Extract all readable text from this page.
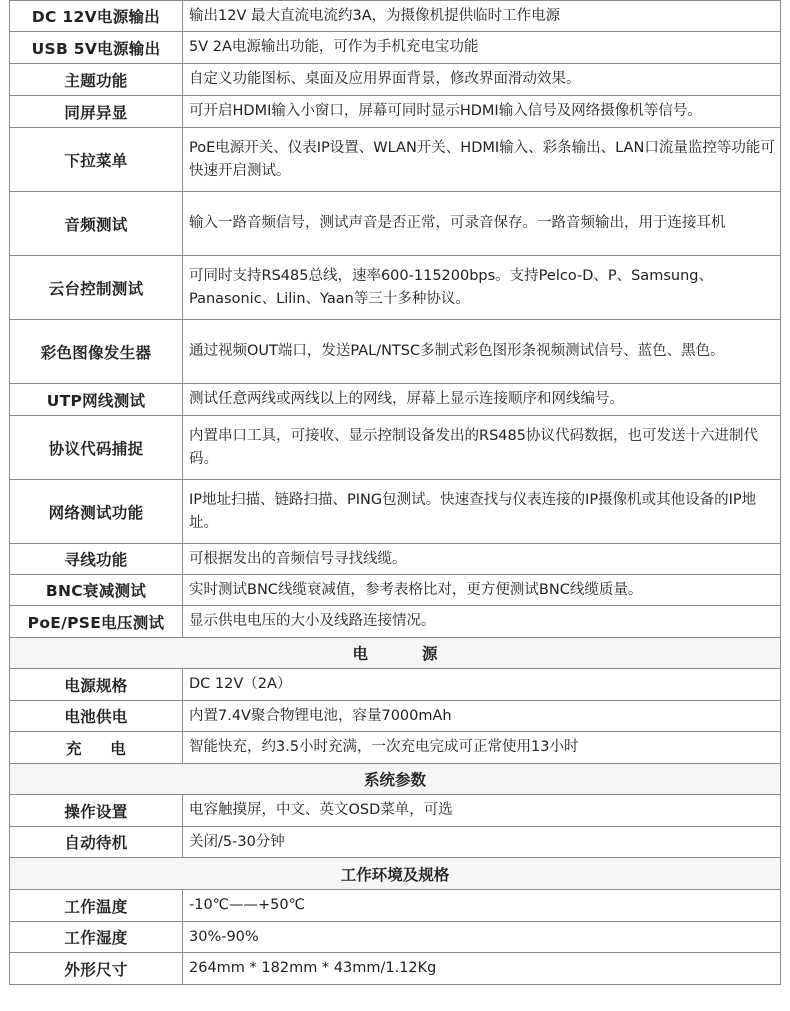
DC 12V电源输出	输出12V 最大直流电流约3A，为摄像机提供临时工作电源
USB 5V电源输出	5V 2A电源输出功能，可作为手机充电宝功能
主题功能	自定义功能图标、桌面及应用界面背景，修改界面滑动效果。
同屏异显	可开启HDMI输入小窗口，屏幕可同时显示HDMI输入信号及网络摄像机等信号。
下拉菜单	PoE电源开关、仪表IP设置、WLAN开关、HDMI输入、彩条输出、LAN口流量监控等功能可快速开启测试。
音频测试	输入一路音频信号，测试声音是否正常，可录音保存。一路音频输出，用于连接耳机
云台控制测试	可同时支持RS485总线，速率600-115200bps。支持Pelco-D、P、Samsung、Panasonic、Lilin、Yaan等三十多种协议。
彩色图像发生器	通过视频OUT端口，发送PAL/NTSC多制式彩色图形条视频测试信号、蓝色、黑色。
UTP网线测试	测试任意两线或两线以上的网线，屏幕上显示连接顺序和网线编号。
协议代码捕捉	内置串口工具，可接收、显示控制设备发出的RS485协议代码数据，也可发送十六进制代码。
网络测试功能	IP地址扫描、链路扫描、PING包测试。快速查找与仪表连接的IP摄像机或其他设备的IP地址。
寻线功能	可根据发出的音频信号寻找线缆。
BNC衰减测试	实时测试BNC线缆衰减值，参考表格比对，更方便测试BNC线缆质量。
PoE/PSE电压测试	显示供电电压的大小及线路连接情况。
电          源	
电源规格	DC 12V（2A）
电池供电	内置7.4V聚合物锂电池，容量7000mAh
充     电	智能快充，约3.5小时充满，一次充电完成可正常使用13小时
系统参数	
操作设置	电容触摸屏，中文、英文OSD菜单，可选
自动待机	关闭/5-30分钟
工作环境及规格	
工作温度	-10℃——+50℃
工作湿度	30%-90%
外形尺寸	264mm * 182mm * 43mm/1.12Kg
